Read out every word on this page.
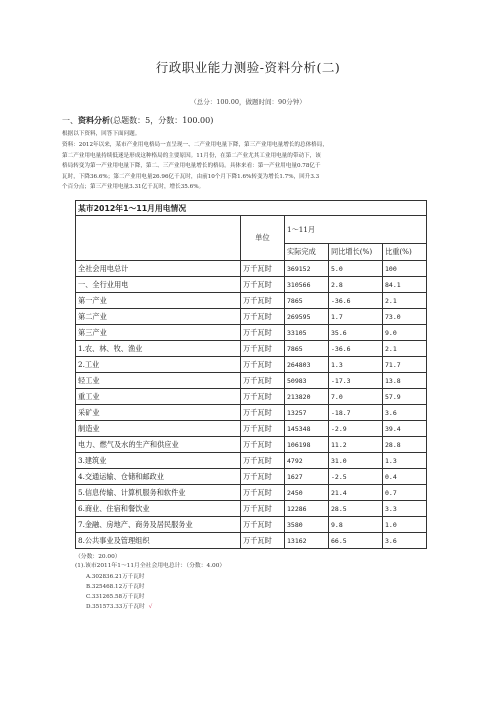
行政职业能力测验-资料分析(二)
（总分：100.00，做题时间：90分钟）
一、资料分析(总题数：5，分数：100.00)
根据以下资料，回答下面问题。
资料：2012年以来，某市产业用电格局一直呈现一、二产业用电量下降，第三产业用电量增长的总体格局，
第二产业用电量持续低迷是形成这种格局的主要原因。11月份，在第二产业尤其工业用电量的带动下，该
格局转变为第一产业用电量下降，第二、三产业用电量增长的格局。具体来看：第一产业用电量0.78亿千
瓦时，下降36.6%；第二产业用电量26.96亿千瓦时，由前10个月下降1.6%转变为增长1.7%，回升3.3
个百分点；第三产业用电量3.31亿千瓦时，增长35.6%。
某市2012年1～11月用电情况				
	单位	1～11月		
		实际完成	同比增长(%)	比重(%)
全社会用电总计	万千瓦时	369152	5.0	100
一、全行业用电	万千瓦时	310566	2.8	84.1
第一产业	万千瓦时	7865	-36.6	2.1
第二产业	万千瓦时	269595	1.7	73.0
第三产业	万千瓦时	33105	35.6	9.0
1.农、林、牧、渔业	万千瓦时	7865	-36.6	2.1
2.工业	万千瓦时	264803	1.3	71.7
轻工业	万千瓦时	50983	-17.3	13.8
重工业	万千瓦时	213820	7.0	57.9
采矿业	万千瓦时	13257	-18.7	3.6
制造业	万千瓦时	145348	-2.9	39.4
电力、燃气及水的生产和供应业	万千瓦时	106198	11.2	28.8
3.建筑业	万千瓦时	4792	31.0	1.3
4.交通运输、仓储和邮政业	万千瓦时	1627	-2.5	0.4
5.信息传输、计算机服务和软件业	万千瓦时	2450	21.4	0.7
6.商业、住宿和餐饮业	万千瓦时	12286	28.5	3.3
7.金融、房地产、商务及居民服务业	万千瓦时	3580	9.8	1.0
8.公共事业及管理组织	万千瓦时	13162	66.5	3.6
（分数：20.00）
(1).该市2011年1～11月全社会用电总计：（分数：4.00）
A.302836.21万千瓦时
B.325468.12万千瓦时
C.331265.58万千瓦时
D.351573.33万千瓦时 √
